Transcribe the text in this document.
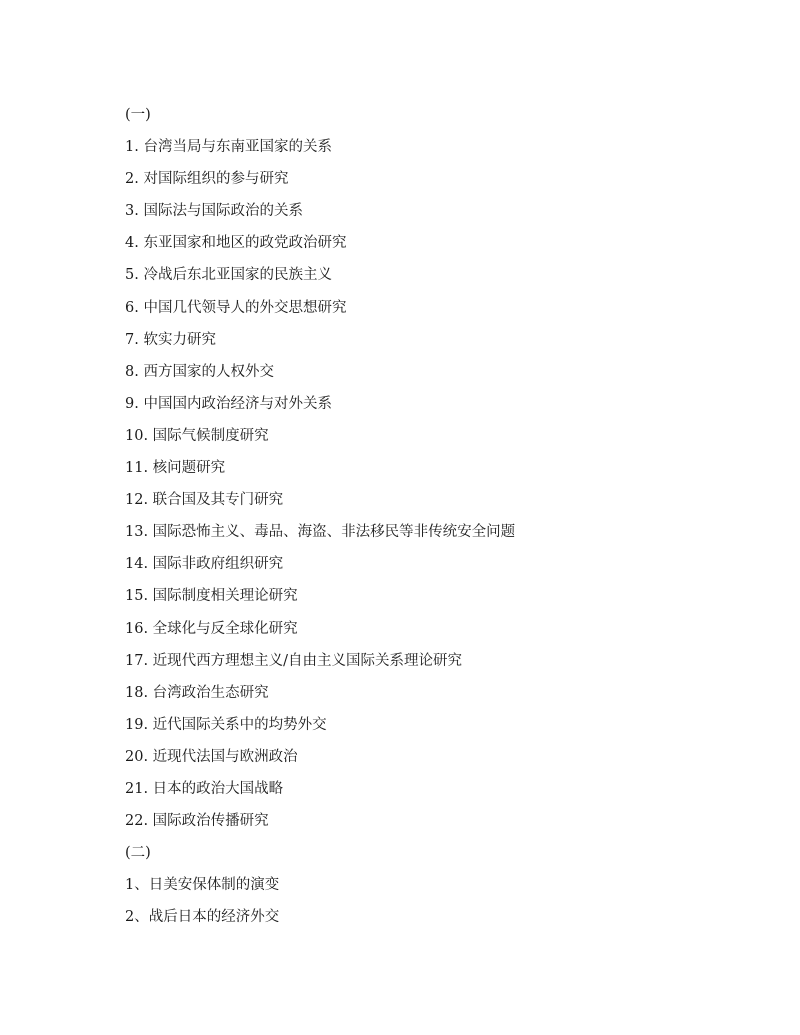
(一)
1. 台湾当局与东南亚国家的关系
2. 对国际组织的参与研究
3. 国际法与国际政治的关系
4. 东亚国家和地区的政党政治研究
5. 冷战后东北亚国家的民族主义
6. 中国几代领导人的外交思想研究
7. 软实力研究
8. 西方国家的人权外交
9. 中国国内政治经济与对外关系
10. 国际气候制度研究
11. 核问题研究
12. 联合国及其专门研究
13. 国际恐怖主义、毒品、海盗、非法移民等非传统安全问题
14. 国际非政府组织研究
15. 国际制度相关理论研究
16. 全球化与反全球化研究
17. 近现代西方理想主义/自由主义国际关系理论研究
18. 台湾政治生态研究
19. 近代国际关系中的均势外交
20. 近现代法国与欧洲政治
21. 日本的政治大国战略
22. 国际政治传播研究
(二)
1、日美安保体制的演变
2、战后日本的经济外交
